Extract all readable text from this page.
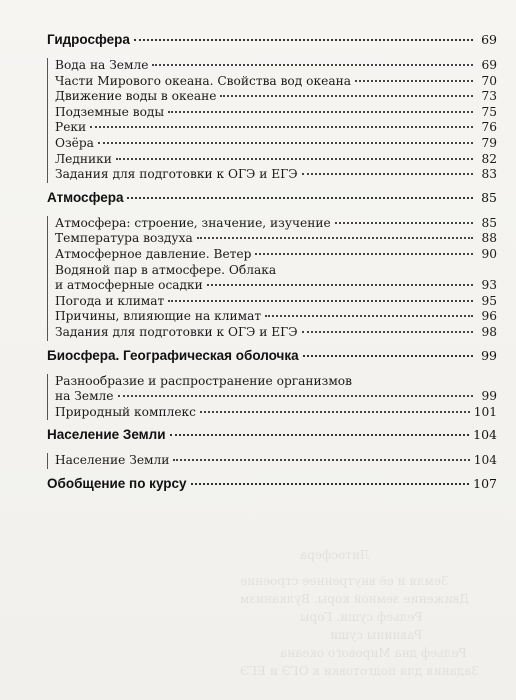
Литосфера
Земля и её внутреннее строение
Движение земной коры. Вулканизм
Рельеф суши. Горы
Равнины суши
Рельеф дна Мирового океана
Задания для подготовки к ОГЭ и ЕГЭ
Гидросфера	69
Вода на Земле	69
Части Мирового океана. Свойства вод океана	70
Движение воды в океане	73
Подземные воды	75
Реки	76
Озёра	79
Ледники	82
Задания для подготовки к ОГЭ и ЕГЭ	83
Атмосфера	85
Атмосфера: строение, значение, изучение	85
Температура воздуха	88
Атмосферное давление. Ветер	90
Водяной пар в атмосфере. Облака
и атмосферные осадки	93
Погода и климат	95
Причины, влияющие на климат	96
Задания для подготовки к ОГЭ и ЕГЭ	98
Биосфера. Географическая оболочка	99
Разнообразие и распространение организмов
на Земле	99
Природный комплекс	101
Население Земли	104
Население Земли	104
Обобщение по курсу	107
